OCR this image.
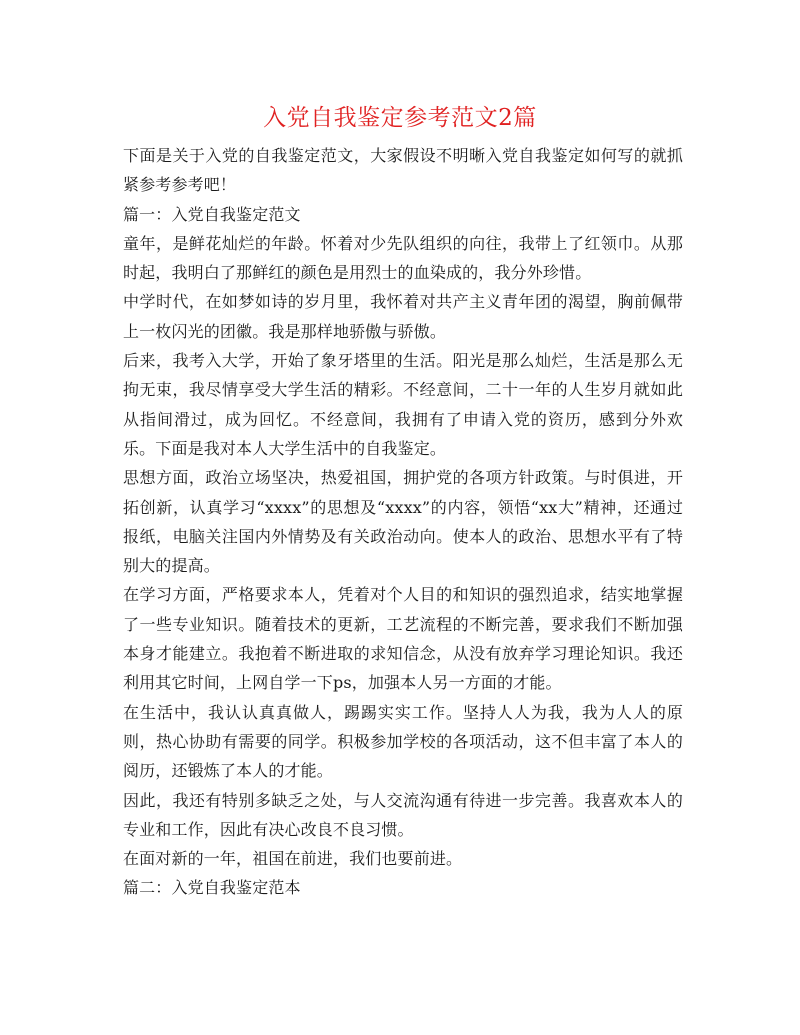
入党自我鉴定参考范文2篇

下面是关于入党的自我鉴定范文，大家假设不明晰入党自我鉴定如何写的就抓紧参考参考吧！

篇一：入党自我鉴定范文

童年，是鲜花灿烂的年龄。怀着对少先队组织的向往，我带上了红领巾。从那时起，我明白了那鲜红的颜色是用烈士的血染成的，我分外珍惜。

中学时代，在如梦如诗的岁月里，我怀着对共产主义青年团的渴望，胸前佩带上一枚闪光的团徽。我是那样地骄傲与骄傲。

后来，我考入大学，开始了象牙塔里的生活。阳光是那么灿烂，生活是那么无拘无束，我尽情享受大学生活的精彩。不经意间，二十一年的人生岁月就如此从指间滑过，成为回忆。不经意间，我拥有了申请入党的资历，感到分外欢乐。下面是我对本人大学生活中的自我鉴定。

思想方面，政治立场坚决，热爱祖国，拥护党的各项方针政策。与时俱进，开拓创新，认真学习“xxxx”的思想及“xxxx”的内容，领悟“xx大”精神，还通过报纸，电脑关注国内外情势及有关政治动向。使本人的政治、思想水平有了特别大的提高。

在学习方面，严格要求本人，凭着对个人目的和知识的强烈追求，结实地掌握了一些专业知识。随着技术的更新，工艺流程的不断完善，要求我们不断加强本身才能建立。我抱着不断进取的求知信念，从没有放弃学习理论知识。我还利用其它时间，上网自学一下ps，加强本人另一方面的才能。

在生活中，我认认真真做人，踢踢实实工作。坚持人人为我，我为人人的原则，热心协助有需要的同学。积极参加学校的各项活动，这不但丰富了本人的阅历，还锻炼了本人的才能。

因此，我还有特别多缺乏之处，与人交流沟通有待进一步完善。我喜欢本人的专业和工作，因此有决心改良不良习惯。

在面对新的一年，祖国在前进，我们也要前进。

篇二：入党自我鉴定范本
